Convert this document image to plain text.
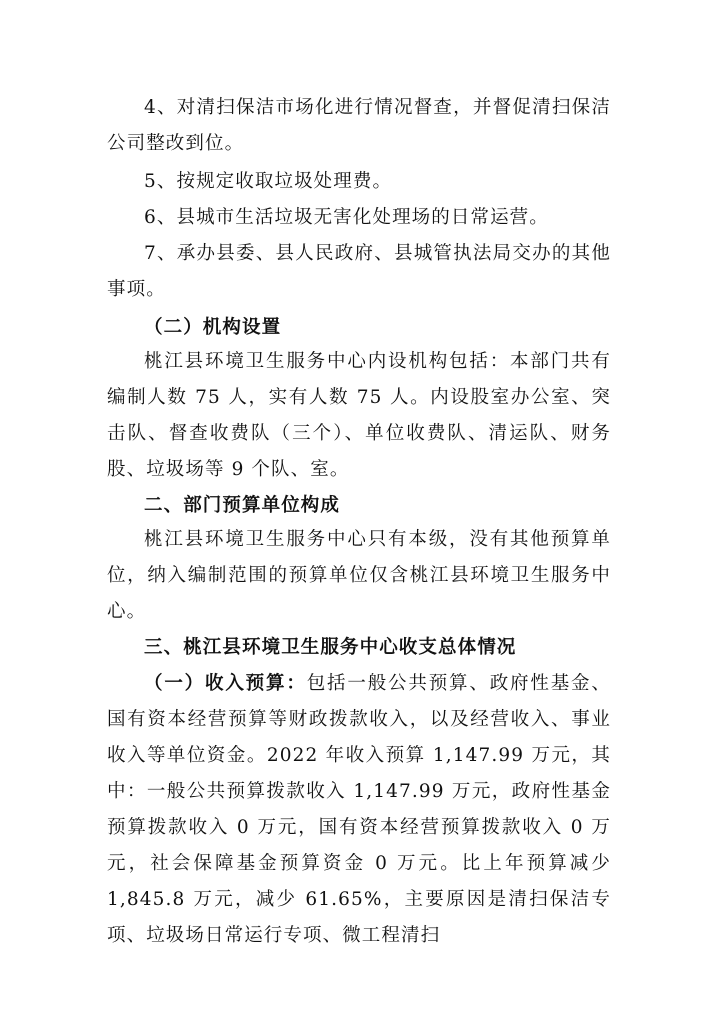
4、对清扫保洁市场化进行情况督查，并督促清扫保洁公司整改到位。

5、按规定收取垃圾处理费。

6、县城市生活垃圾无害化处理场的日常运营。

7、承办县委、县人民政府、县城管执法局交办的其他事项。

（二）机构设置

桃江县环境卫生服务中心内设机构包括：本部门共有编制人数 75 人，实有人数 75 人。内设股室办公室、突击队、督查收费队（三个）、单位收费队、清运队、财务股、垃圾场等 9 个队、室。

二、部门预算单位构成

桃江县环境卫生服务中心只有本级，没有其他预算单位，纳入编制范围的预算单位仅含桃江县环境卫生服务中心。

三、桃江县环境卫生服务中心收支总体情况

（一）收入预算：包括一般公共预算、政府性基金、国有资本经营预算等财政拨款收入，以及经营收入、事业收入等单位资金。2022 年收入预算 1,147.99 万元，其中：一般公共预算拨款收入 1,147.99 万元，政府性基金预算拨款收入 0 万元，国有资本经营预算拨款收入 0 万元，社会保障基金预算资金 0 万元。比上年预算减少 1,845.8 万元，减少 61.65%，主要原因是清扫保洁专项、垃圾场日常运行专项、微工程清扫
